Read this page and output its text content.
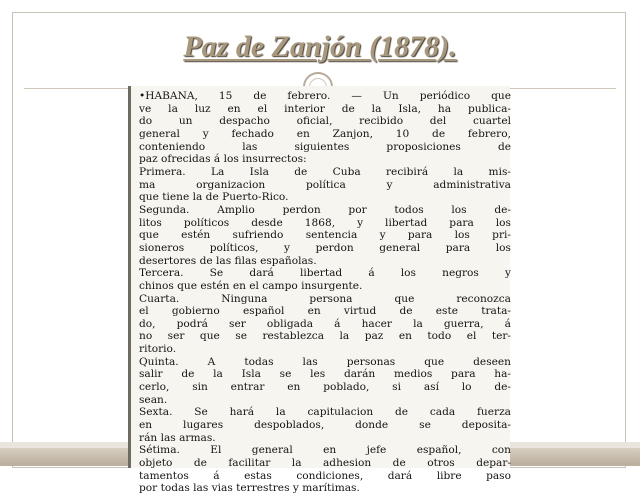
Paz de Zanjón (1878).
•HABANA, 15 de febrero. — Un periódico que
ve la luz en el interior de la Isla, ha publica-
do un despacho oficial, recibido del cuartel
general y fechado en Zanjon, 10 de febrero,
conteniendo las siguientes proposiciones de
paz ofrecidas á los insurrectos:
Primera. La Isla de Cuba recibirá la mis-
ma organizacion política y administrativa
que tiene la de Puerto-Rico.
Segunda. Amplio perdon por todos los de-
litos políticos desde 1868, y libertad para los
que estén sufriendo sentencia y para los pri-
sioneros políticos, y perdon general para los
desertores de las filas españolas.
Tercera. Se dará libertad á los negros y
chinos que estén en el campo insurgente.
Cuarta. Ninguna persona que reconozca
el gobierno español en virtud de este trata-
do, podrá ser obligada á hacer la guerra, á
no ser que se restablezca la paz en todo el ter-
ritorio.
Quinta. A todas las personas que deseen
salir de la Isla se les darán medios para ha-
cerlo, sin entrar en poblado, si así lo de-
sean.
Sexta. Se hará la capitulacion de cada fuerza
en lugares despoblados, donde se deposita-
rán las armas.
Sétima. El general en jefe español, con
objeto de facilitar la adhesion de otros depar-
tamentos á estas condiciones, dará libre paso
por todas las vias terrestres y marítimas.
